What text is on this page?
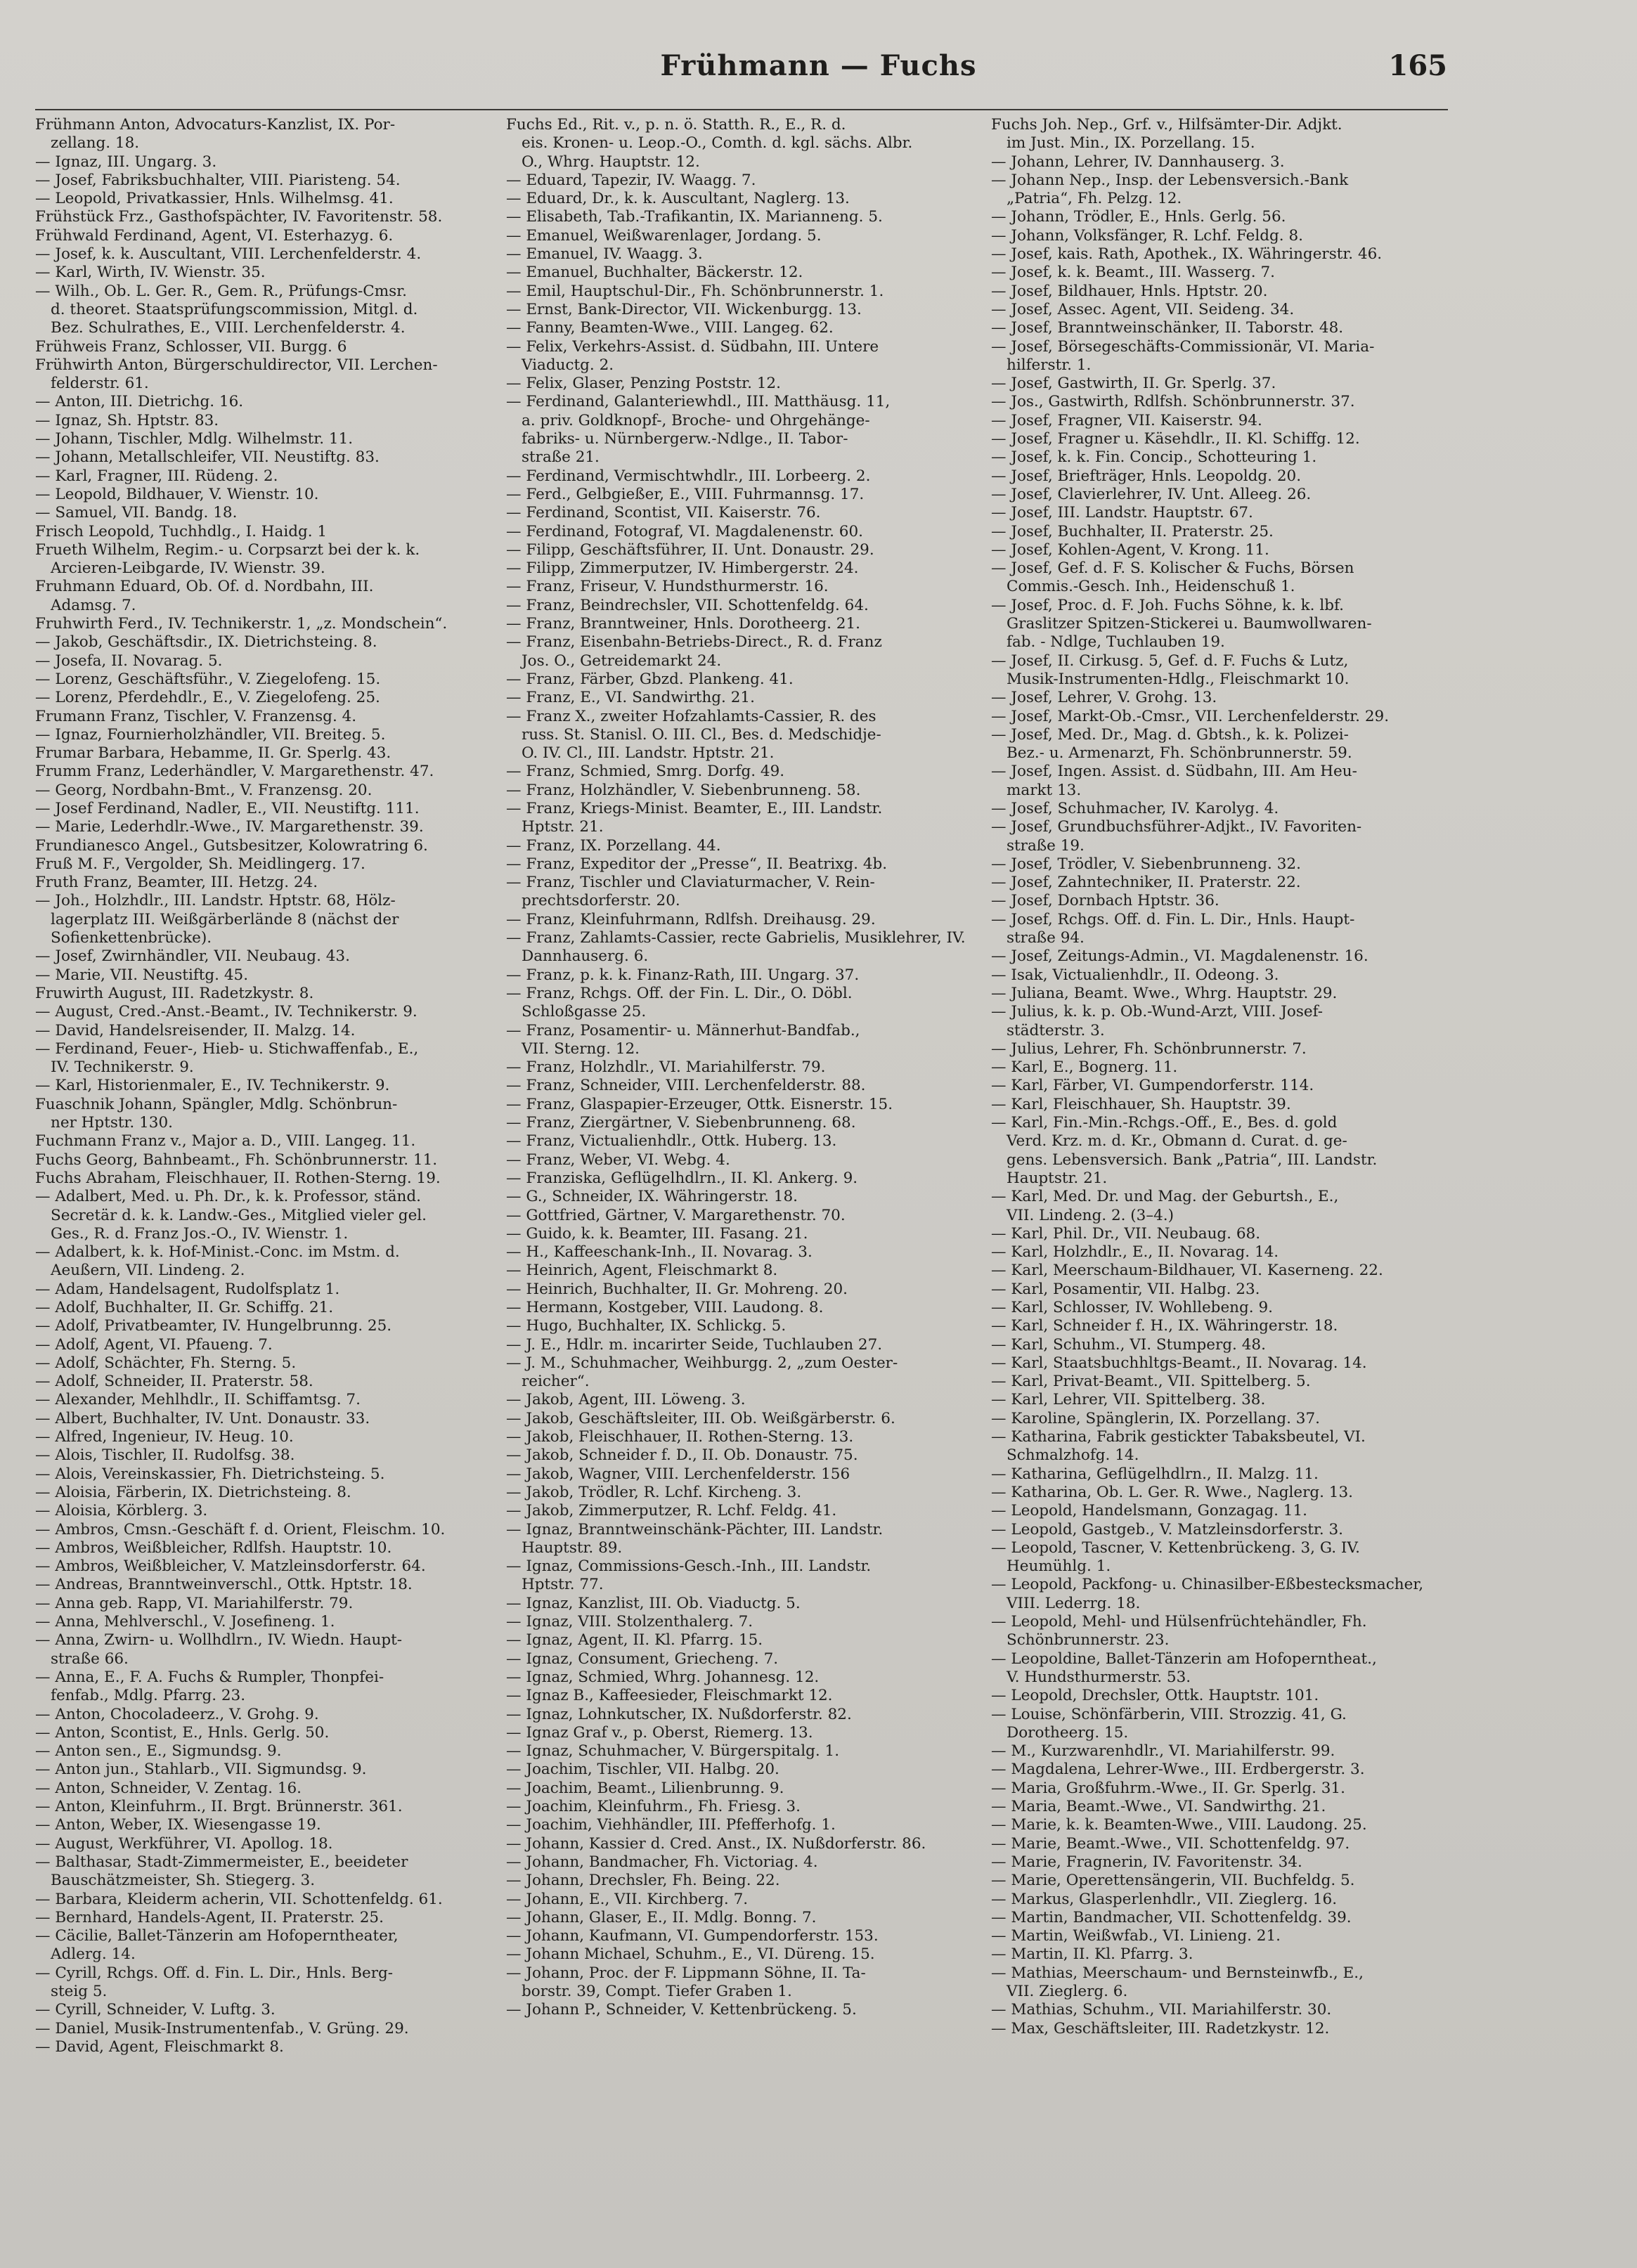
Frühmann — Fuchs	165
Frühmann Anton, Advocaturs-Kanzlist, IX. Por-
zellang. 18.
— Ignaz, III. Ungarg. 3.
— Josef, Fabriksbuchhalter, VIII. Piaristeng. 54.
— Leopold, Privatkassier, Hnls. Wilhelmsg. 41.
Frühstück Frz., Gasthofspächter, IV. Favoritenstr. 58.
Frühwald Ferdinand, Agent, VI. Esterhazyg. 6.
— Josef, k. k. Auscultant, VIII. Lerchenfelderstr. 4.
— Karl, Wirth, IV. Wienstr. 35.
— Wilh., Ob. L. Ger. R., Gem. R., Prüfungs-Cmsr.
d. theoret. Staatsprüfungscommission, Mitgl. d.
Bez. Schulrathes, E., VIII. Lerchenfelderstr. 4.
Frühweis Franz, Schlosser, VII. Burgg. 6
Frühwirth Anton, Bürgerschuldirector, VII. Lerchen-
felderstr. 61.
— Anton, III. Dietrichg. 16.
— Ignaz, Sh. Hptstr. 83.
— Johann, Tischler, Mdlg. Wilhelmstr. 11.
— Johann, Metallschleifer, VII. Neustiftg. 83.
— Karl, Fragner, III. Rüdeng. 2.
— Leopold, Bildhauer, V. Wienstr. 10.
— Samuel, VII. Bandg. 18.
Frisch Leopold, Tuchhdlg., I. Haidg. 1
Frueth Wilhelm, Regim.- u. Corpsarzt bei der k. k.
Arcieren-Leibgarde, IV. Wienstr. 39.
Fruhmann Eduard, Ob. Of. d. Nordbahn, III.
Adamsg. 7.
Fruhwirth Ferd., IV. Technikerstr. 1, „z. Mondschein“.
— Jakob, Geschäftsdir., IX. Dietrichsteing. 8.
— Josefa, II. Novarag. 5.
— Lorenz, Geschäftsführ., V. Ziegelofeng. 15.
— Lorenz, Pferdehdlr., E., V. Ziegelofeng. 25.
Frumann Franz, Tischler, V. Franzensg. 4.
— Ignaz, Fournierholzhändler, VII. Breiteg. 5.
Frumar Barbara, Hebamme, II. Gr. Sperlg. 43.
Frumm Franz, Lederhändler, V. Margarethenstr. 47.
— Georg, Nordbahn-Bmt., V. Franzensg. 20.
— Josef Ferdinand, Nadler, E., VII. Neustiftg. 111.
— Marie, Lederhdlr.-Wwe., IV. Margarethenstr. 39.
Frundianesco Angel., Gutsbesitzer, Kolowratring 6.
Fruß M. F., Vergolder, Sh. Meidlingerg. 17.
Fruth Franz, Beamter, III. Hetzg. 24.
— Joh., Holzhdlr., III. Landstr. Hptstr. 68, Hölz-
lagerplatz III. Weißgärberlände 8 (nächst der
Sofienkettenbrücke).
— Josef, Zwirnhändler, VII. Neubaug. 43.
— Marie, VII. Neustiftg. 45.
Fruwirth August, III. Radetzkystr. 8.
— August, Cred.-Anst.-Beamt., IV. Technikerstr. 9.
— David, Handelsreisender, II. Malzg. 14.
— Ferdinand, Feuer-, Hieb- u. Stichwaffenfab., E.,
IV. Technikerstr. 9.
— Karl, Historienmaler, E., IV. Technikerstr. 9.
Fuaschnik Johann, Spängler, Mdlg. Schönbrun-
ner Hptstr. 130.
Fuchmann Franz v., Major a. D., VIII. Langeg. 11.
Fuchs Georg, Bahnbeamt., Fh. Schönbrunnerstr. 11.
Fuchs Abraham, Fleischhauer, II. Rothen-Sterng. 19.
— Adalbert, Med. u. Ph. Dr., k. k. Professor, ständ.
Secretär d. k. k. Landw.-Ges., Mitglied vieler gel.
Ges., R. d. Franz Jos.-O., IV. Wienstr. 1.
— Adalbert, k. k. Hof-Minist.-Conc. im Mstm. d.
Aeußern, VII. Lindeng. 2.
— Adam, Handelsagent, Rudolfsplatz 1.
— Adolf, Buchhalter, II. Gr. Schiffg. 21.
— Adolf, Privatbeamter, IV. Hungelbrunng. 25.
— Adolf, Agent, VI. Pfaueng. 7.
— Adolf, Schächter, Fh. Sterng. 5.
— Adolf, Schneider, II. Praterstr. 58.
— Alexander, Mehlhdlr., II. Schiffamtsg. 7.
— Albert, Buchhalter, IV. Unt. Donaustr. 33.
— Alfred, Ingenieur, IV. Heug. 10.
— Alois, Tischler, II. Rudolfsg. 38.
— Alois, Vereinskassier, Fh. Dietrichsteing. 5.
— Aloisia, Färberin, IX. Dietrichsteing. 8.
— Aloisia, Körblerg. 3.
— Ambros, Cmsn.-Geschäft f. d. Orient, Fleischm. 10.
— Ambros, Weißbleicher, Rdlfsh. Hauptstr. 10.
— Ambros, Weißbleicher, V. Matzleinsdorferstr. 64.
— Andreas, Branntweinverschl., Ottk. Hptstr. 18.
— Anna geb. Rapp, VI. Mariahilferstr. 79.
— Anna, Mehlverschl., V. Josefineng. 1.
— Anna, Zwirn- u. Wollhdlrn., IV. Wiedn. Haupt-
straße 66.
— Anna, E., F. A. Fuchs & Rumpler, Thonpfei-
fenfab., Mdlg. Pfarrg. 23.
— Anton, Chocoladeerz., V. Grohg. 9.
— Anton, Scontist, E., Hnls. Gerlg. 50.
— Anton sen., E., Sigmundsg. 9.
— Anton jun., Stahlarb., VII. Sigmundsg. 9.
— Anton, Schneider, V. Zentag. 16.
— Anton, Kleinfuhrm., II. Brgt. Brünnerstr. 361.
— Anton, Weber, IX. Wiesengasse 19.
— August, Werkführer, VI. Apollog. 18.
— Balthasar, Stadt-Zimmermeister, E., beeideter
Bauschätzmeister, Sh. Stiegerg. 3.
— Barbara, Kleiderm acherin, VII. Schottenfeldg. 61.
— Bernhard, Handels-Agent, II. Praterstr. 25.
— Cäcilie, Ballet-Tänzerin am Hofoperntheater,
Adlerg. 14.
— Cyrill, Rchgs. Off. d. Fin. L. Dir., Hnls. Berg-
steig 5.
— Cyrill, Schneider, V. Luftg. 3.
— Daniel, Musik-Instrumentenfab., V. Grüng. 29.
— David, Agent, Fleischmarkt 8.
Fuchs Ed., Rit. v., p. n. ö. Statth. R., E., R. d.
eis. Kronen- u. Leop.-O., Comth. d. kgl. sächs. Albr.
O., Whrg. Hauptstr. 12.
— Eduard, Tapezir, IV. Waagg. 7.
— Eduard, Dr., k. k. Auscultant, Naglerg. 13.
— Elisabeth, Tab.-Trafikantin, IX. Marianneng. 5.
— Emanuel, Weißwarenlager, Jordang. 5.
— Emanuel, IV. Waagg. 3.
— Emanuel, Buchhalter, Bäckerstr. 12.
— Emil, Hauptschul-Dir., Fh. Schönbrunnerstr. 1.
— Ernst, Bank-Director, VII. Wickenburgg. 13.
— Fanny, Beamten-Wwe., VIII. Langeg. 62.
— Felix, Verkehrs-Assist. d. Südbahn, III. Untere
Viaductg. 2.
— Felix, Glaser, Penzing Poststr. 12.
— Ferdinand, Galanteriewhdl., III. Matthäusg. 11,
a. priv. Goldknopf-, Broche- und Ohrgehänge-
fabriks- u. Nürnbergerw.-Ndlge., II. Tabor-
straße 21.
— Ferdinand, Vermischtwhdlr., III. Lorbeerg. 2.
— Ferd., Gelbgießer, E., VIII. Fuhrmannsg. 17.
— Ferdinand, Scontist, VII. Kaiserstr. 76.
— Ferdinand, Fotograf, VI. Magdalenenstr. 60.
— Filipp, Geschäftsführer, II. Unt. Donaustr. 29.
— Filipp, Zimmerputzer, IV. Himbergerstr. 24.
— Franz, Friseur, V. Hundsthurmerstr. 16.
— Franz, Beindrechsler, VII. Schottenfeldg. 64.
— Franz, Branntweiner, Hnls. Dorotheerg. 21.
— Franz, Eisenbahn-Betriebs-Direct., R. d. Franz
Jos. O., Getreidemarkt 24.
— Franz, Färber, Gbzd. Plankeng. 41.
— Franz, E., VI. Sandwirthg. 21.
— Franz X., zweiter Hofzahlamts-Cassier, R. des
russ. St. Stanisl. O. III. Cl., Bes. d. Medschidje-
O. IV. Cl., III. Landstr. Hptstr. 21.
— Franz, Schmied, Smrg. Dorfg. 49.
— Franz, Holzhändler, V. Siebenbrunneng. 58.
— Franz, Kriegs-Minist. Beamter, E., III. Landstr.
Hptstr. 21.
— Franz, IX. Porzellang. 44.
— Franz, Expeditor der „Presse“, II. Beatrixg. 4b.
— Franz, Tischler und Claviaturmacher, V. Rein-
prechtsdorferstr. 20.
— Franz, Kleinfuhrmann, Rdlfsh. Dreihausg. 29.
— Franz, Zahlamts-Cassier, recte Gabrielis, Musiklehrer, IV.
Dannhauserg. 6.
— Franz, p. k. k. Finanz-Rath, III. Ungarg. 37.
— Franz, Rchgs. Off. der Fin. L. Dir., O. Döbl.
Schloßgasse 25.
— Franz, Posamentir- u. Männerhut-Bandfab.,
VII. Sterng. 12.
— Franz, Holzhdlr., VI. Mariahilferstr. 79.
— Franz, Schneider, VIII. Lerchenfelderstr. 88.
— Franz, Glaspapier-Erzeuger, Ottk. Eisnerstr. 15.
— Franz, Ziergärtner, V. Siebenbrunneng. 68.
— Franz, Victualienhdlr., Ottk. Huberg. 13.
— Franz, Weber, VI. Webg. 4.
— Franziska, Geflügelhdlrn., II. Kl. Ankerg. 9.
— G., Schneider, IX. Währingerstr. 18.
— Gottfried, Gärtner, V. Margarethenstr. 70.
— Guido, k. k. Beamter, III. Fasang. 21.
— H., Kaffeeschank-Inh., II. Novarag. 3.
— Heinrich, Agent, Fleischmarkt 8.
— Heinrich, Buchhalter, II. Gr. Mohreng. 20.
— Hermann, Kostgeber, VIII. Laudong. 8.
— Hugo, Buchhalter, IX. Schlickg. 5.
— J. E., Hdlr. m. incarirter Seide, Tuchlauben 27.
— J. M., Schuhmacher, Weihburgg. 2, „zum Oester-
reicher“.
— Jakob, Agent, III. Löweng. 3.
— Jakob, Geschäftsleiter, III. Ob. Weißgärberstr. 6.
— Jakob, Fleischhauer, II. Rothen-Sterng. 13.
— Jakob, Schneider f. D., II. Ob. Donaustr. 75.
— Jakob, Wagner, VIII. Lerchenfelderstr. 156
— Jakob, Trödler, R. Lchf. Kircheng. 3.
— Jakob, Zimmerputzer, R. Lchf. Feldg. 41.
— Ignaz, Branntweinschänk-Pächter, III. Landstr.
Hauptstr. 89.
— Ignaz, Commissions-Gesch.-Inh., III. Landstr.
Hptstr. 77.
— Ignaz, Kanzlist, III. Ob. Viaductg. 5.
— Ignaz, VIII. Stolzenthalerg. 7.
— Ignaz, Agent, II. Kl. Pfarrg. 15.
— Ignaz, Consument, Griecheng. 7.
— Ignaz, Schmied, Whrg. Johannesg. 12.
— Ignaz B., Kaffeesieder, Fleischmarkt 12.
— Ignaz, Lohnkutscher, IX. Nußdorferstr. 82.
— Ignaz Graf v., p. Oberst, Riemerg. 13.
— Ignaz, Schuhmacher, V. Bürgerspitalg. 1.
— Joachim, Tischler, VII. Halbg. 20.
— Joachim, Beamt., Lilienbrunng. 9.
— Joachim, Kleinfuhrm., Fh. Friesg. 3.
— Joachim, Viehhändler, III. Pfefferhofg. 1.
— Johann, Kassier d. Cred. Anst., IX. Nußdorferstr. 86.
— Johann, Bandmacher, Fh. Victoriag. 4.
— Johann, Drechsler, Fh. Being. 22.
— Johann, E., VII. Kirchberg. 7.
— Johann, Glaser, E., II. Mdlg. Bonng. 7.
— Johann, Kaufmann, VI. Gumpendorferstr. 153.
— Johann Michael, Schuhm., E., VI. Düreng. 15.
— Johann, Proc. der F. Lippmann Söhne, II. Ta-
borstr. 39, Compt. Tiefer Graben 1.
— Johann P., Schneider, V. Kettenbrückeng. 5.
Fuchs Joh. Nep., Grf. v., Hilfsämter-Dir. Adjkt.
im Just. Min., IX. Porzellang. 15.
— Johann, Lehrer, IV. Dannhauserg. 3.
— Johann Nep., Insp. der Lebensversich.-Bank
„Patria“, Fh. Pelzg. 12.
— Johann, Trödler, E., Hnls. Gerlg. 56.
— Johann, Volksfänger, R. Lchf. Feldg. 8.
— Josef, kais. Rath, Apothek., IX. Währingerstr. 46.
— Josef, k. k. Beamt., III. Wasserg. 7.
— Josef, Bildhauer, Hnls. Hptstr. 20.
— Josef, Assec. Agent, VII. Seideng. 34.
— Josef, Branntweinschänker, II. Taborstr. 48.
— Josef, Börsegeschäfts-Commissionär, VI. Maria-
hilferstr. 1.
— Josef, Gastwirth, II. Gr. Sperlg. 37.
— Jos., Gastwirth, Rdlfsh. Schönbrunnerstr. 37.
— Josef, Fragner, VII. Kaiserstr. 94.
— Josef, Fragner u. Käsehdlr., II. Kl. Schiffg. 12.
— Josef, k. k. Fin. Concip., Schotteuring 1.
— Josef, Briefträger, Hnls. Leopoldg. 20.
— Josef, Clavierlehrer, IV. Unt. Alleeg. 26.
— Josef, III. Landstr. Hauptstr. 67.
— Josef, Buchhalter, II. Praterstr. 25.
— Josef, Kohlen-Agent, V. Krong. 11.
— Josef, Gef. d. F. S. Kolischer & Fuchs, Börsen
Commis.-Gesch. Inh., Heidenschuß 1.
— Josef, Proc. d. F. Joh. Fuchs Söhne, k. k. lbf.
Graslitzer Spitzen-Stickerei u. Baumwollwaren-
fab. - Ndlge, Tuchlauben 19.
— Josef, II. Cirkusg. 5, Gef. d. F. Fuchs & Lutz,
Musik-Instrumenten-Hdlg., Fleischmarkt 10.
— Josef, Lehrer, V. Grohg. 13.
— Josef, Markt-Ob.-Cmsr., VII. Lerchenfelderstr. 29.
— Josef, Med. Dr., Mag. d. Gbtsh., k. k. Polizei-
Bez.- u. Armenarzt, Fh. Schönbrunnerstr. 59.
— Josef, Ingen. Assist. d. Südbahn, III. Am Heu-
markt 13.
— Josef, Schuhmacher, IV. Karolyg. 4.
— Josef, Grundbuchsführer-Adjkt., IV. Favoriten-
straße 19.
— Josef, Trödler, V. Siebenbrunneng. 32.
— Josef, Zahntechniker, II. Praterstr. 22.
— Josef, Dornbach Hptstr. 36.
— Josef, Rchgs. Off. d. Fin. L. Dir., Hnls. Haupt-
straße 94.
— Josef, Zeitungs-Admin., VI. Magdalenenstr. 16.
— Isak, Victualienhdlr., II. Odeong. 3.
— Juliana, Beamt. Wwe., Whrg. Hauptstr. 29.
— Julius, k. k. p. Ob.-Wund-Arzt, VIII. Josef-
städterstr. 3.
— Julius, Lehrer, Fh. Schönbrunnerstr. 7.
— Karl, E., Bognerg. 11.
— Karl, Färber, VI. Gumpendorferstr. 114.
— Karl, Fleischhauer, Sh. Hauptstr. 39.
— Karl, Fin.-Min.-Rchgs.-Off., E., Bes. d. gold
Verd. Krz. m. d. Kr., Obmann d. Curat. d. ge-
gens. Lebensversich. Bank „Patria“, III. Landstr.
Hauptstr. 21.
— Karl, Med. Dr. und Mag. der Geburtsh., E.,
VII. Lindeng. 2. (3–4.)
— Karl, Phil. Dr., VII. Neubaug. 68.
— Karl, Holzhdlr., E., II. Novarag. 14.
— Karl, Meerschaum-Bildhauer, VI. Kaserneng. 22.
— Karl, Posamentir, VII. Halbg. 23.
— Karl, Schlosser, IV. Wohllebeng. 9.
— Karl, Schneider f. H., IX. Währingerstr. 18.
— Karl, Schuhm., VI. Stumperg. 48.
— Karl, Staatsbuchhltgs-Beamt., II. Novarag. 14.
— Karl, Privat-Beamt., VII. Spittelberg. 5.
— Karl, Lehrer, VII. Spittelberg. 38.
— Karoline, Spänglerin, IX. Porzellang. 37.
— Katharina, Fabrik gestickter Tabaksbeutel, VI.
Schmalzhofg. 14.
— Katharina, Geflügelhdlrn., II. Malzg. 11.
— Katharina, Ob. L. Ger. R. Wwe., Naglerg. 13.
— Leopold, Handelsmann, Gonzagag. 11.
— Leopold, Gastgeb., V. Matzleinsdorferstr. 3.
— Leopold, Tascner, V. Kettenbrückeng. 3, G. IV.
Heumühlg. 1.
— Leopold, Packfong- u. Chinasilber-Eßbestecksmacher,
VIII. Lederrg. 18.
— Leopold, Mehl- und Hülsenfrüchtehändler, Fh.
Schönbrunnerstr. 23.
— Leopoldine, Ballet-Tänzerin am Hofoperntheat.,
V. Hundsthurmerstr. 53.
— Leopold, Drechsler, Ottk. Hauptstr. 101.
— Louise, Schönfärberin, VIII. Strozzig. 41, G.
Dorotheerg. 15.
— M., Kurzwarenhdlr., VI. Mariahilferstr. 99.
— Magdalena, Lehrer-Wwe., III. Erdbergerstr. 3.
— Maria, Großfuhrm.-Wwe., II. Gr. Sperlg. 31.
— Maria, Beamt.-Wwe., VI. Sandwirthg. 21.
— Marie, k. k. Beamten-Wwe., VIII. Laudong. 25.
— Marie, Beamt.-Wwe., VII. Schottenfeldg. 97.
— Marie, Fragnerin, IV. Favoritenstr. 34.
— Marie, Operettensängerin, VII. Buchfeldg. 5.
— Markus, Glasperlenhdlr., VII. Zieglerg. 16.
— Martin, Bandmacher, VII. Schottenfeldg. 39.
— Martin, Weißwfab., VI. Linieng. 21.
— Martin, II. Kl. Pfarrg. 3.
— Mathias, Meerschaum- und Bernsteinwfb., E.,
VII. Zieglerg. 6.
— Mathias, Schuhm., VII. Mariahilferstr. 30.
— Max, Geschäftsleiter, III. Radetzkystr. 12.
